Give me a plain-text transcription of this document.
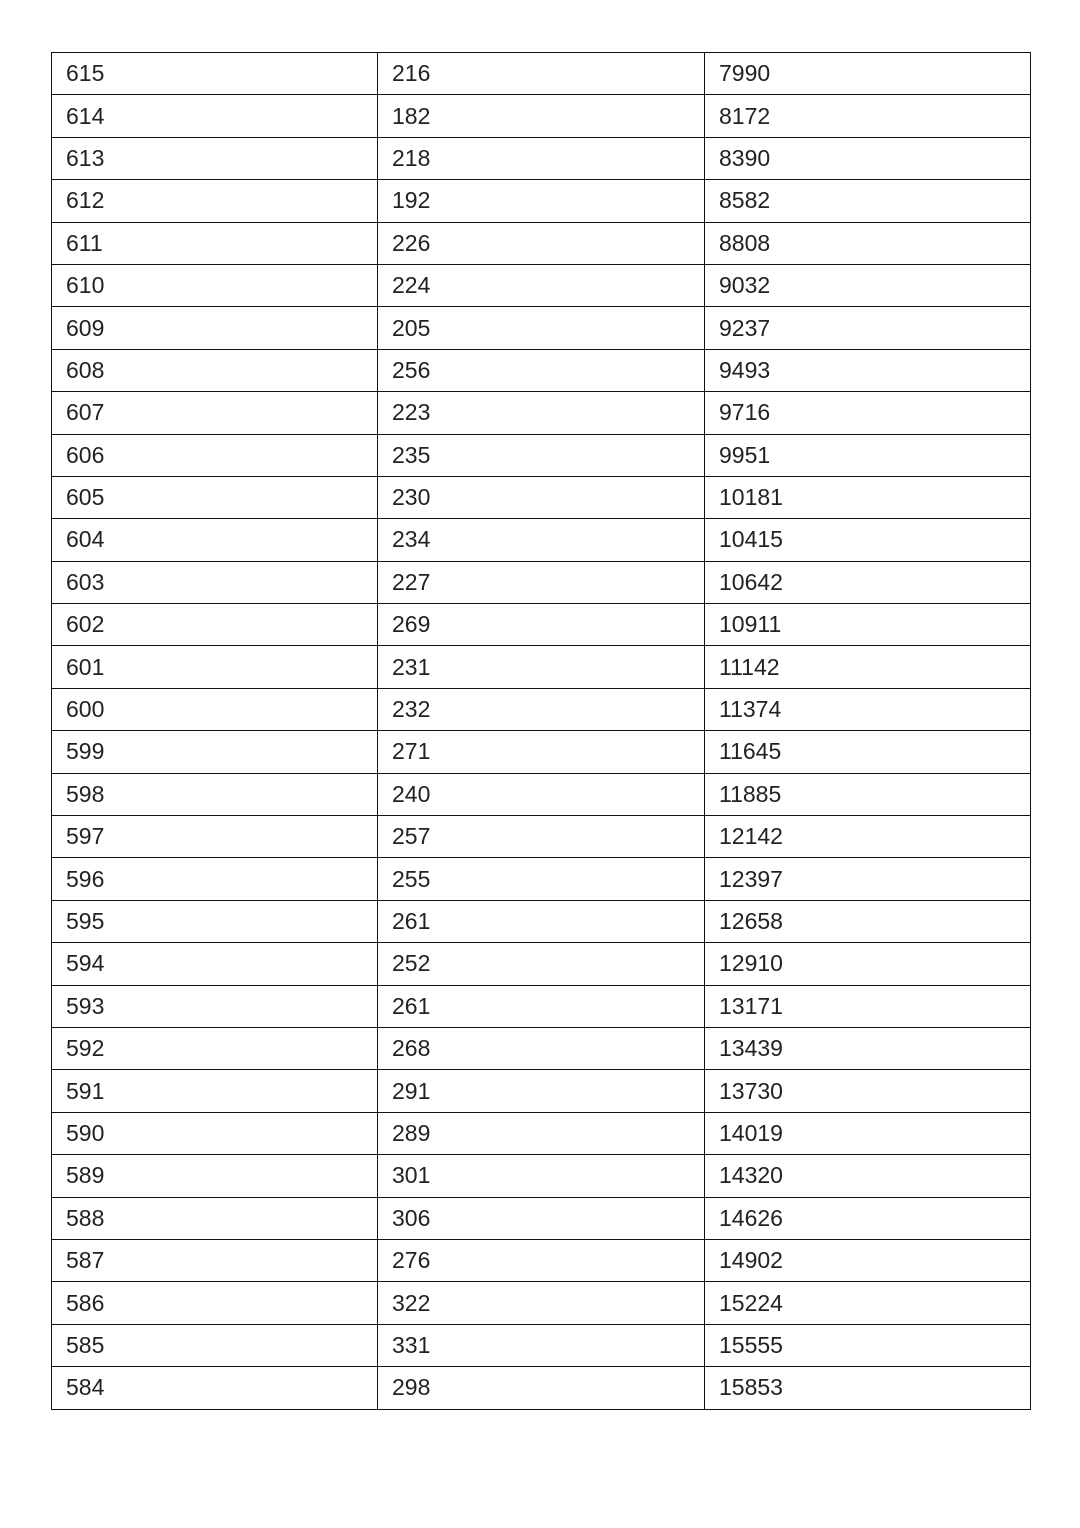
615	216	7990
614	182	8172
613	218	8390
612	192	8582
611	226	8808
610	224	9032
609	205	9237
608	256	9493
607	223	9716
606	235	9951
605	230	10181
604	234	10415
603	227	10642
602	269	10911
601	231	11142
600	232	11374
599	271	11645
598	240	11885
597	257	12142
596	255	12397
595	261	12658
594	252	12910
593	261	13171
592	268	13439
591	291	13730
590	289	14019
589	301	14320
588	306	14626
587	276	14902
586	322	15224
585	331	15555
584	298	15853
